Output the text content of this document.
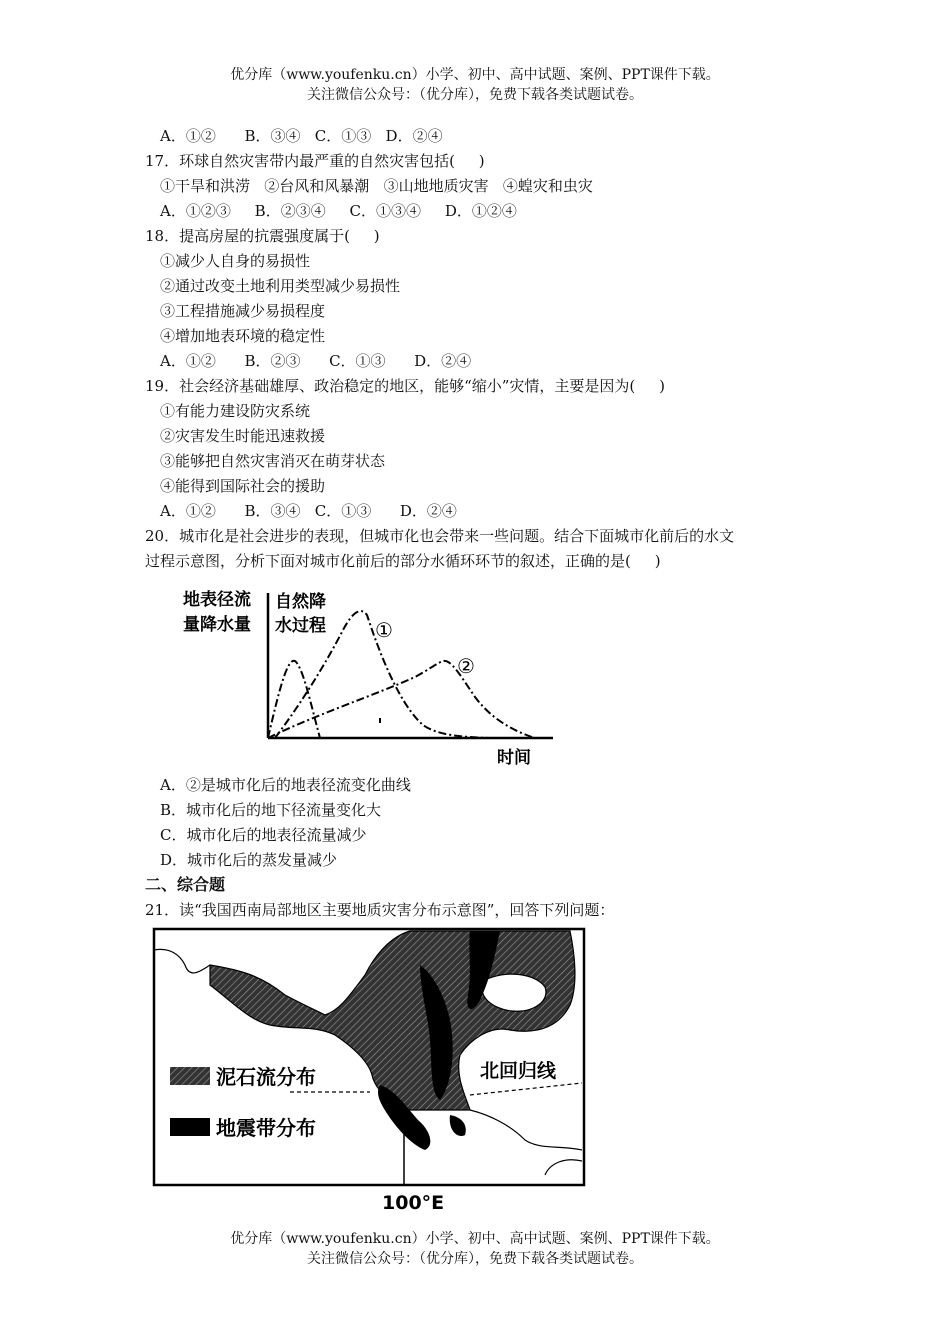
优分库（www.youfenku.cn）小学、初中、高中试题、案例、PPT课件下载。
关注微信公众号：（优分库），免费下载各类试题试卷。
A．①②      B．③④   C．①③   D．②④
17．环球自然灾害带内最严重的自然灾害包括(     )
①干旱和洪涝   ②台风和风暴潮   ③山地地质灾害   ④蝗灾和虫灾
A．①②③     B．②③④     C．①③④     D．①②④
18．提高房屋的抗震强度属于(     )
①减少人自身的易损性
②通过改变土地利用类型减少易损性
③工程措施减少易损程度
④增加地表环境的稳定性
A．①②      B．②③      C．①③      D．②④
19．社会经济基础雄厚、政治稳定的地区，能够“缩小”灾情，主要是因为(     )
①有能力建设防灾系统
②灾害发生时能迅速救援
③能够把自然灾害消灭在萌芽状态
④能得到国际社会的援助
A．①②      B．③④   C．①③      D．②④
20．城市化是社会进步的表现，但城市化也会带来一些问题。结合下面城市化前后的水文
过程示意图，分析下面对城市化前后的部分水循环环节的叙述，正确的是(     )
地表径流
量降水量
自然降
水过程 ①
②
时间
A．②是城市化后的地表径流变化曲线
B．城市化后的地下径流量变化大
C．城市化后的地表径流量减少
D．城市化后的蒸发量减少
二、综合题
21．读“我国西南局部地区主要地质灾害分布示意图”，回答下列问题：
北回归线
泥石流分布
地震带分布
100°E
优分库（www.youfenku.cn）小学、初中、高中试题、案例、PPT课件下载。
关注微信公众号：（优分库），免费下载各类试题试卷。
